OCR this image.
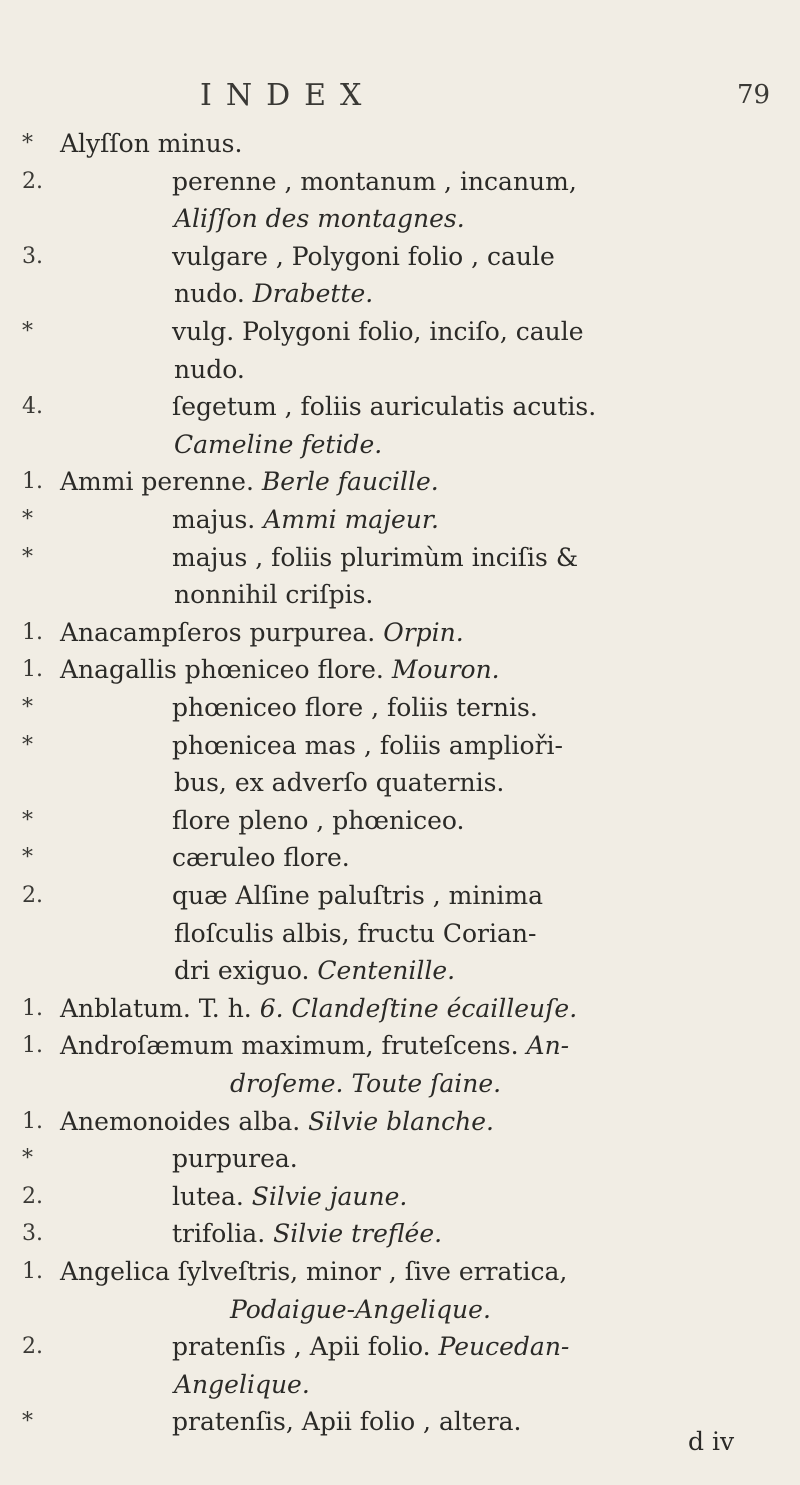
INDEX	79
* Alyſſon minus.
2.	perenne , montanum , incanum,
Aliſſon des montagnes.
3.	vulgare , Polygoni folio , caule
nudo. Drabette.
*	vulg. Polygoni folio, inciſo, caule
nudo.
4.	ſegetum , foliis auriculatis acutis.
Cameline fetide.
1. Ammi perenne. Berle faucille.
*	majus. Ammi majeur.
*	majus , foliis plurimùm inciſis &
nonnihil criſpis.
1. Anacampſeros purpurea. Orpin.
1. Anagallis phœniceo flore. Mouron.
*	phœniceo flore , foliis ternis.
*	phœnicea mas , foliis amplioři-
bus, ex adverſo quaternis.
*	flore pleno , phœniceo.
*	cæruleo flore.
2.	quæ Alſine paluſtris , minima
floſculis albis, fructu Corian-
dri exiguo. Centenille.
1. Anblatum. T. h. 6. Clandeſtine écailleuſe.
1. Androſæmum maximum, fruteſcens. An-
droſeme. Toute ſaine.
1. Anemonoides alba. Silvie blanche.
*	purpurea.
2.	lutea. Silvie jaune.
3.	trifolia. Silvie treflée.
1. Angelica ſylveſtris, minor , ſive erratica,
Podaigue-Angelique.
2.	pratenſis , Apii folio. Peucedan-
Angelique.
*	pratenſis, Apii folio , altera.
d iv
